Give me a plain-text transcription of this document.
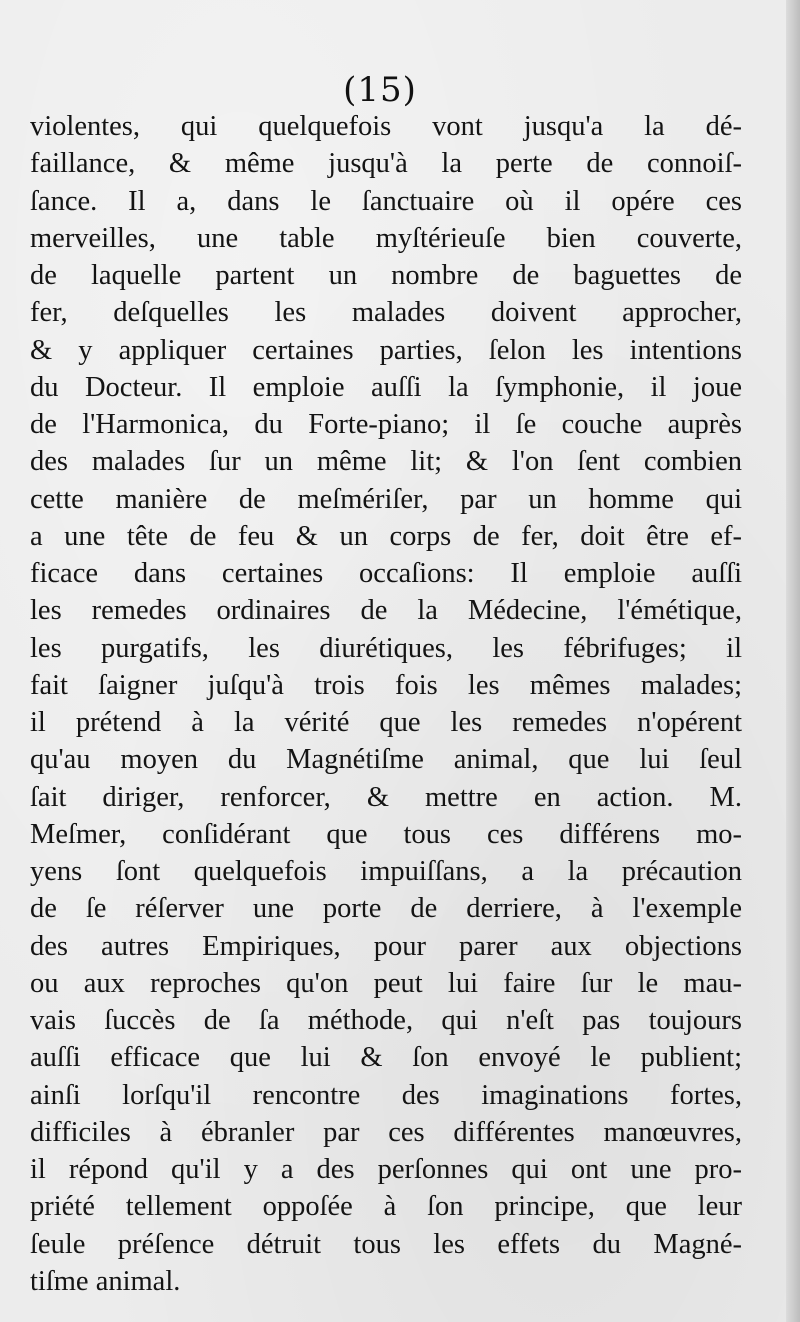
(15)
violentes, qui quelquefois vont jusqu'a la dé-
faillance, & même jusqu'à la perte de connoiſ-
ſance. Il a, dans le ſanctuaire où il opére ces
merveilles, une table myſtérieuſe bien couverte,
de laquelle partent un nombre de baguettes de
fer, deſquelles les malades doivent approcher,
& y appliquer certaines parties, ſelon les intentions
du Docteur. Il emploie auſſi la ſymphonie, il joue
de l'Harmonica, du Forte-piano; il ſe couche auprès
des malades ſur un même lit; & l'on ſent combien
cette manière de meſmériſer, par un homme qui
a une tête de feu & un corps de fer, doit être ef-
ficace dans certaines occaſions: Il emploie auſſi
les remedes ordinaires de la Médecine, l'émétique,
les purgatifs, les diurétiques, les fébrifuges; il
fait ſaigner juſqu'à trois fois les mêmes malades;
il prétend à la vérité que les remedes n'opérent
qu'au moyen du Magnétiſme animal, que lui ſeul
ſait diriger, renforcer, & mettre en action. M.
Meſmer, conſidérant que tous ces différens mo-
yens ſont quelquefois impuiſſans, a la précaution
de ſe réſerver une porte de derriere, à l'exemple
des autres Empiriques, pour parer aux objections
ou aux reproches qu'on peut lui faire ſur le mau-
vais ſuccès de ſa méthode, qui n'eſt pas toujours
auſſi efficace que lui & ſon envoyé le publient;
ainſi lorſqu'il rencontre des imaginations fortes,
difficiles à ébranler par ces différentes manœuvres,
il répond qu'il y a des perſonnes qui ont une pro-
priété tellement oppoſée à ſon principe, que leur
ſeule préſence détruit tous les effets du Magné-
tiſme animal.
